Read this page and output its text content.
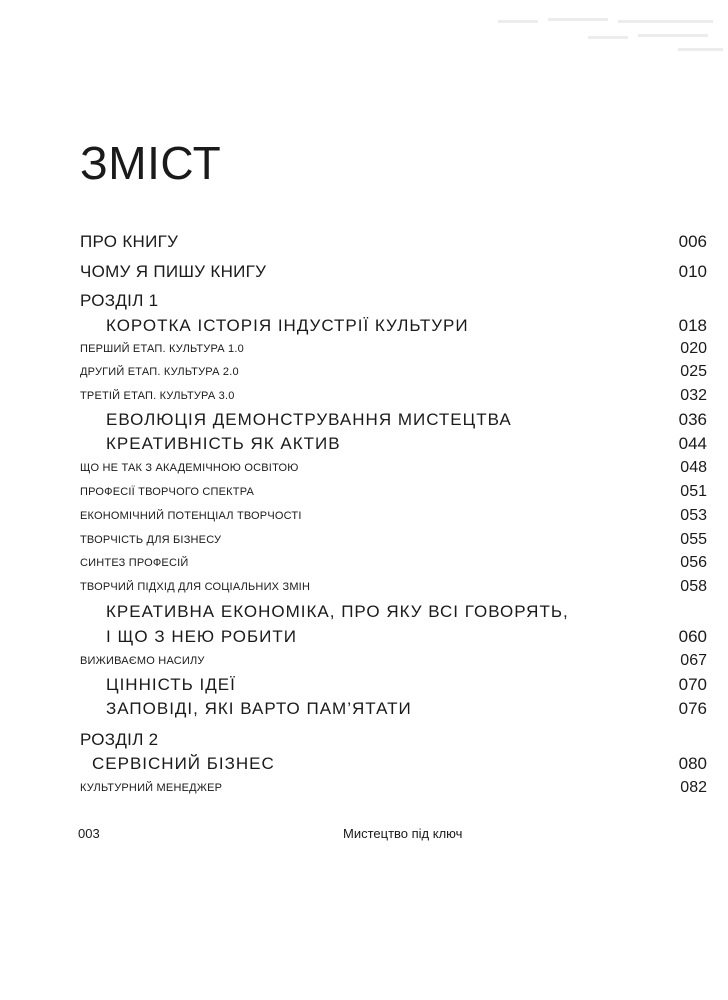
ЗМІСТ
ПРО КНИГУ	006
ЧОМУ Я ПИШУ КНИГУ	010
РОЗДІЛ 1
КОРОТКА ІСТОРІЯ ІНДУСТРІЇ КУЛЬТУРИ	018
ПЕРШИЙ ЕТАП. КУЛЬТУРА 1.0	020
ДРУГИЙ ЕТАП. КУЛЬТУРА 2.0	025
ТРЕТІЙ ЕТАП. КУЛЬТУРА 3.0	032
ЕВОЛЮЦІЯ ДЕМОНСТРУВАННЯ МИСТЕЦТВА	036
КРЕАТИВНІСТЬ ЯК АКТИВ	044
ЩО НЕ ТАК З АКАДЕМІЧНОЮ ОСВІТОЮ	048
ПРОФЕСІЇ ТВОРЧОГО СПЕКТРА	051
ЕКОНОМІЧНИЙ ПОТЕНЦІАЛ ТВОРЧОСТІ	053
ТВОРЧІСТЬ ДЛЯ БІЗНЕСУ	055
СИНТЕЗ ПРОФЕСІЙ	056
ТВОРЧИЙ ПІДХІД ДЛЯ СОЦІАЛЬНИХ ЗМІН	058
КРЕАТИВНА ЕКОНОМІКА, ПРО ЯКУ ВСІ ГОВОРЯТЬ,
І ЩО З НЕЮ РОБИТИ	060
ВИЖИВАЄМО НАСИЛУ	067
ЦІННІСТЬ ІДЕЇ	070
ЗАПОВІДІ, ЯКІ ВАРТО ПАМ’ЯТАТИ	076
РОЗДІЛ 2
СЕРВІСНИЙ БІЗНЕС	080
КУЛЬТУРНИЙ МЕНЕДЖЕР	082
003	Мистецтво під ключ
